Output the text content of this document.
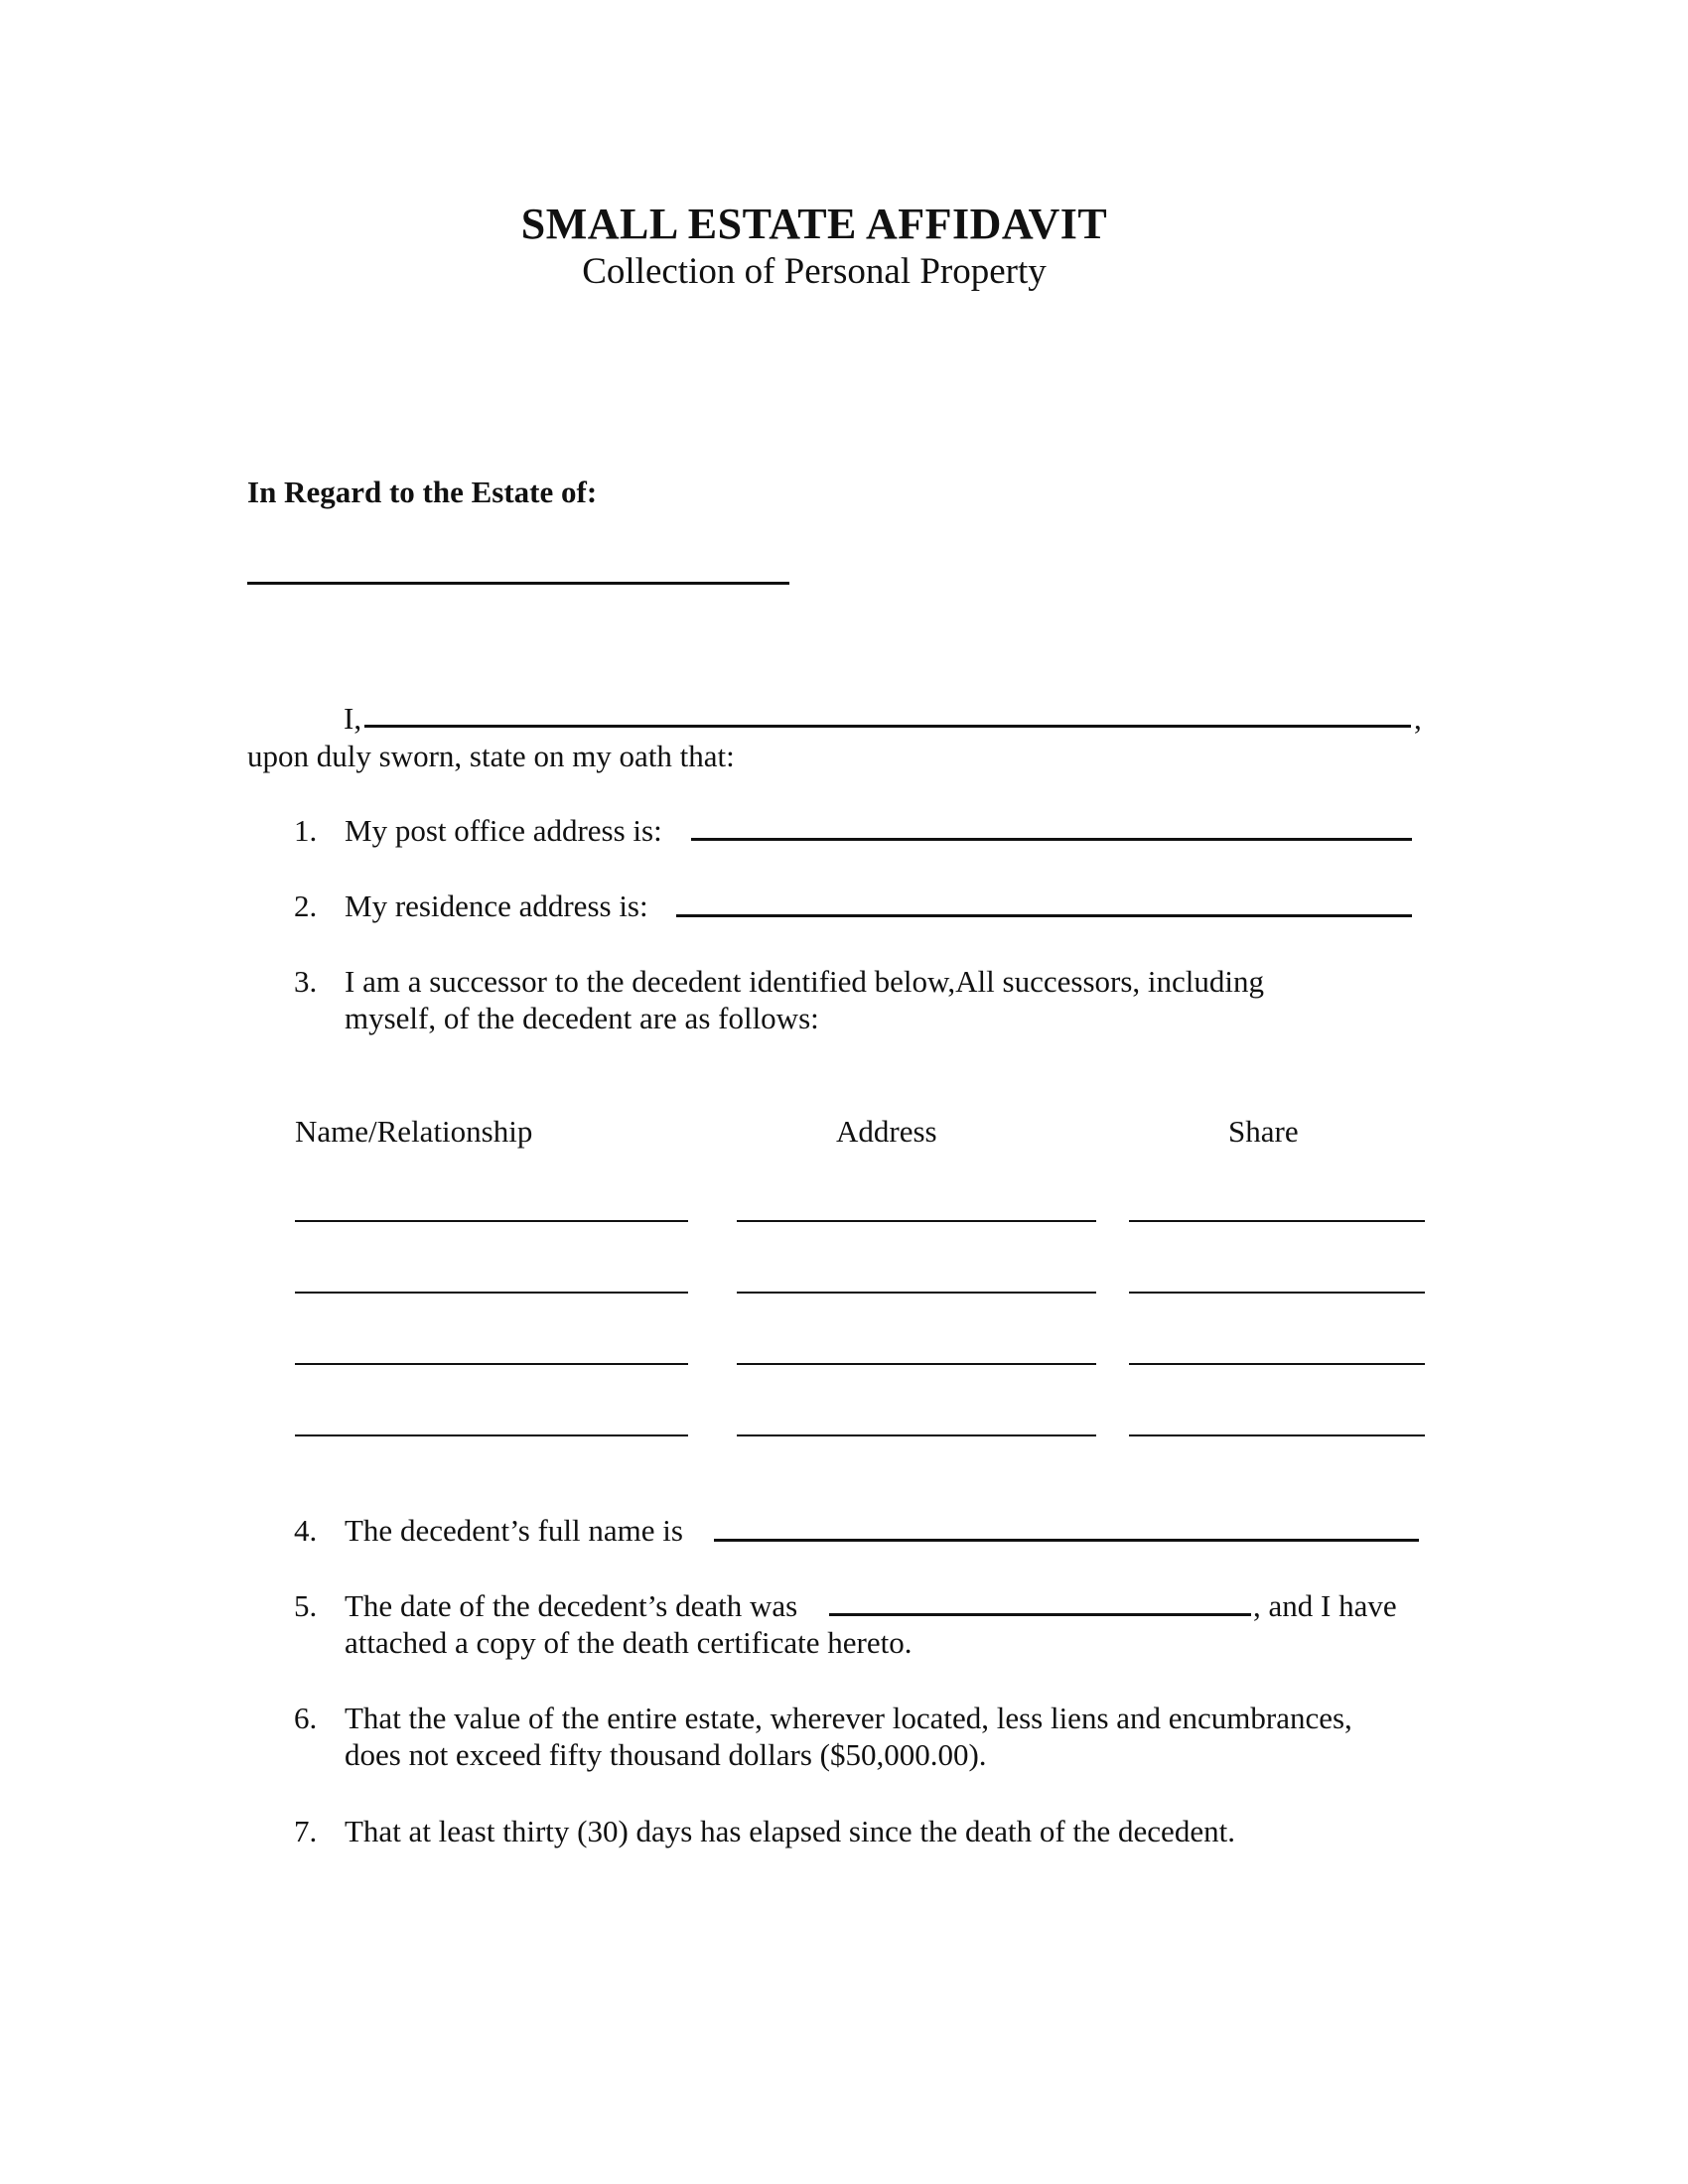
SMALL ESTATE AFFIDAVIT
Collection of Personal Property
In Regard to the Estate of:
I,	,
upon duly sworn, state on my oath that:
1. My post office address is:
2. My residence address is:
3. I am a successor to the decedent identified below,All successors, including
myself, of the decedent are as follows:
Name/Relationship	Address	Share
4. The decedent’s full name is
5. The date of the decedent’s death was	, and I have
attached a copy of the death certificate hereto.
6. That the value of the entire estate, wherever located, less liens and encumbrances,
does not exceed fifty thousand dollars ($50,000.00).
7. That at least thirty (30) days has elapsed since the death of the decedent.
